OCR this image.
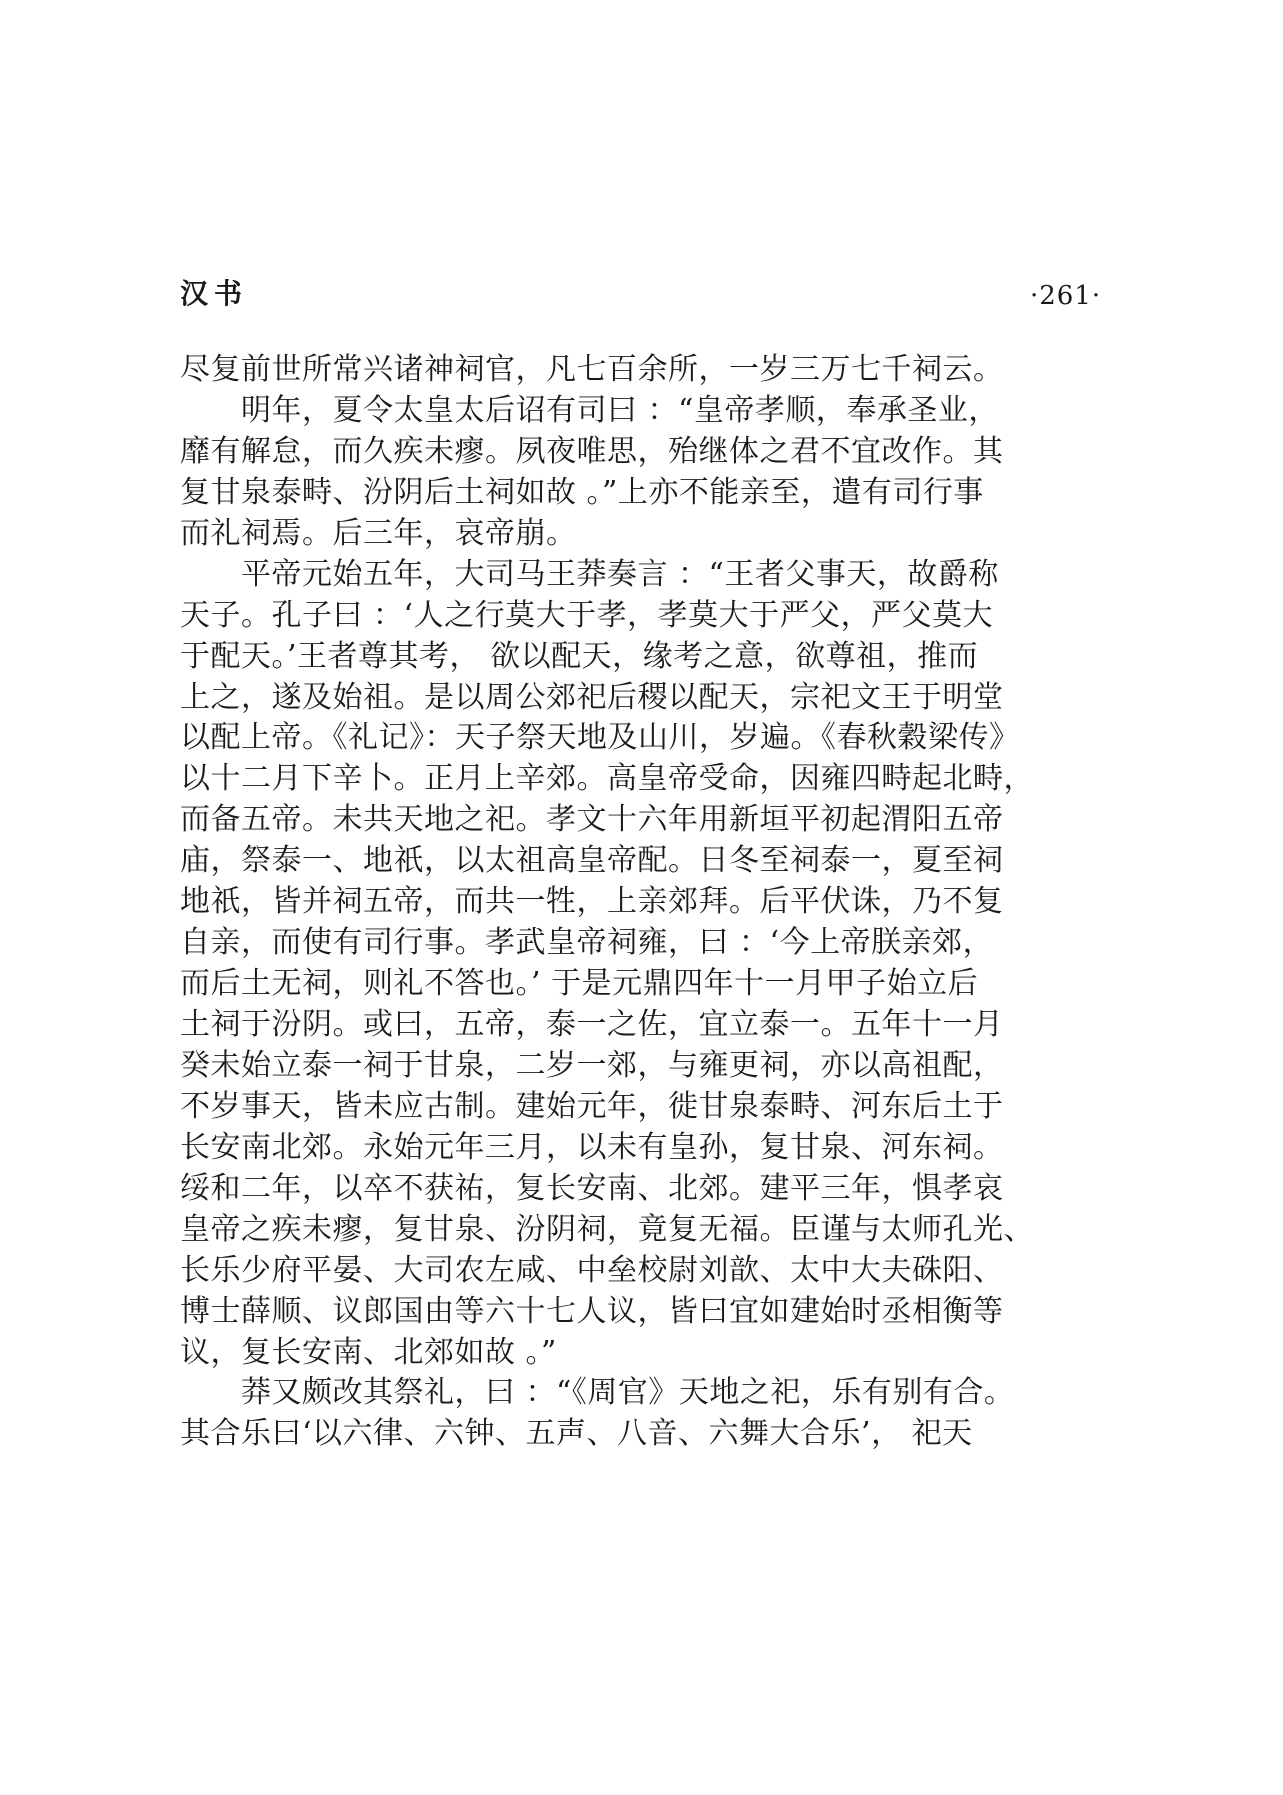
汉书	·261·
尽复前世所常兴诸神祠官，凡七百余所，一岁三万七千祠云。
　　明年，夏令太皇太后诏有司曰 ：“皇帝孝顺，奉承圣业，
靡有解怠，而久疾未瘳。夙夜唯思，殆继体之君不宜改作。其
复甘泉泰畤、汾阴后土祠如故 。”上亦不能亲至，遣有司行事
而礼祠焉。后三年，哀帝崩。
　　平帝元始五年，大司马王莽奏言 ：“王者父事天，故爵称
天子。孔子曰 ：‘人之行莫大于孝，孝莫大于严父，严父莫大
于配天。’王者尊其考， 欲以配天，缘考之意，欲尊祖，推而
上之，遂及始祖。是以周公郊祀后稷以配天，宗祀文王于明堂
以配上帝。《礼记》：天子祭天地及山川，岁遍。《春秋穀梁传》
以十二月下辛卜。正月上辛郊。高皇帝受命，因雍四畤起北畤，
而备五帝。未共天地之祀。孝文十六年用新垣平初起渭阳五帝
庙，祭泰一、地祇，以太祖高皇帝配。日冬至祠泰一，夏至祠
地祇，皆并祠五帝，而共一牲，上亲郊拜。后平伏诛，乃不复
自亲，而使有司行事。孝武皇帝祠雍，曰 ：‘今上帝朕亲郊，
而后土无祠，则礼不答也。’ 于是元鼎四年十一月甲子始立后
土祠于汾阴。或曰，五帝，泰一之佐，宜立泰一。五年十一月
癸未始立泰一祠于甘泉，二岁一郊，与雍更祠，亦以高祖配，
不岁事天，皆未应古制。建始元年，徙甘泉泰畤、河东后土于
长安南北郊。永始元年三月，以未有皇孙，复甘泉、河东祠。
绥和二年，以卒不获祐，复长安南、北郊。建平三年，惧孝哀
皇帝之疾未瘳，复甘泉、汾阴祠，竟复无福。臣谨与太师孔光、
长乐少府平晏、大司农左咸、中垒校尉刘歆、太中大夫硃阳、
博士薛顺、议郎国由等六十七人议，皆曰宜如建始时丞相衡等
议，复长安南、北郊如故 。”
　　莽又颇改其祭礼，曰 ：“《周官》天地之祀，乐有别有合。
其合乐曰‘以六律、六钟、五声、八音、六舞大合乐’， 祀天
